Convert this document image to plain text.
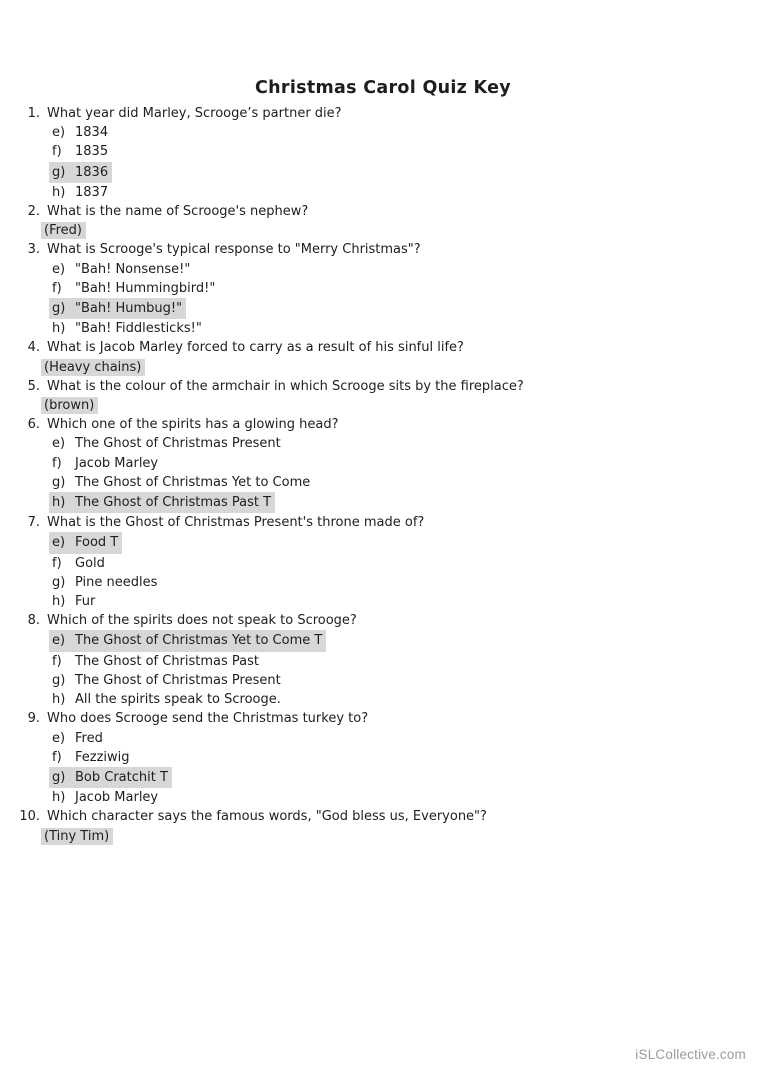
Christmas Carol Quiz Key
1. What year did Marley, Scrooge’s partner die?
e) 1834
f) 1835
g) 1836
h) 1837
2. What is the name of Scrooge's nephew?
(Fred)
3. What is Scrooge's typical response to "Merry Christmas"?
e) "Bah! Nonsense!"
f) "Bah! Hummingbird!"
g) "Bah! Humbug!"
h) "Bah! Fiddlesticks!"
4. What is Jacob Marley forced to carry as a result of his sinful life?
(Heavy chains)
5. What is the colour of the armchair in which Scrooge sits by the fireplace?
(brown)
6. Which one of the spirits has a glowing head?
e) The Ghost of Christmas Present
f) Jacob Marley
g) The Ghost of Christmas Yet to Come
h) The Ghost of Christmas Past T
7. What is the Ghost of Christmas Present's throne made of?
e) Food T
f) Gold
g) Pine needles
h) Fur
8. Which of the spirits does not speak to Scrooge?
e) The Ghost of Christmas Yet to Come T
f) The Ghost of Christmas Past
g) The Ghost of Christmas Present
h) All the spirits speak to Scrooge.
9. Who does Scrooge send the Christmas turkey to?
e) Fred
f) Fezziwig
g) Bob Cratchit T
h) Jacob Marley
10. Which character says the famous words, "God bless us, Everyone"?
(Tiny Tim)
iSLCollective.com
